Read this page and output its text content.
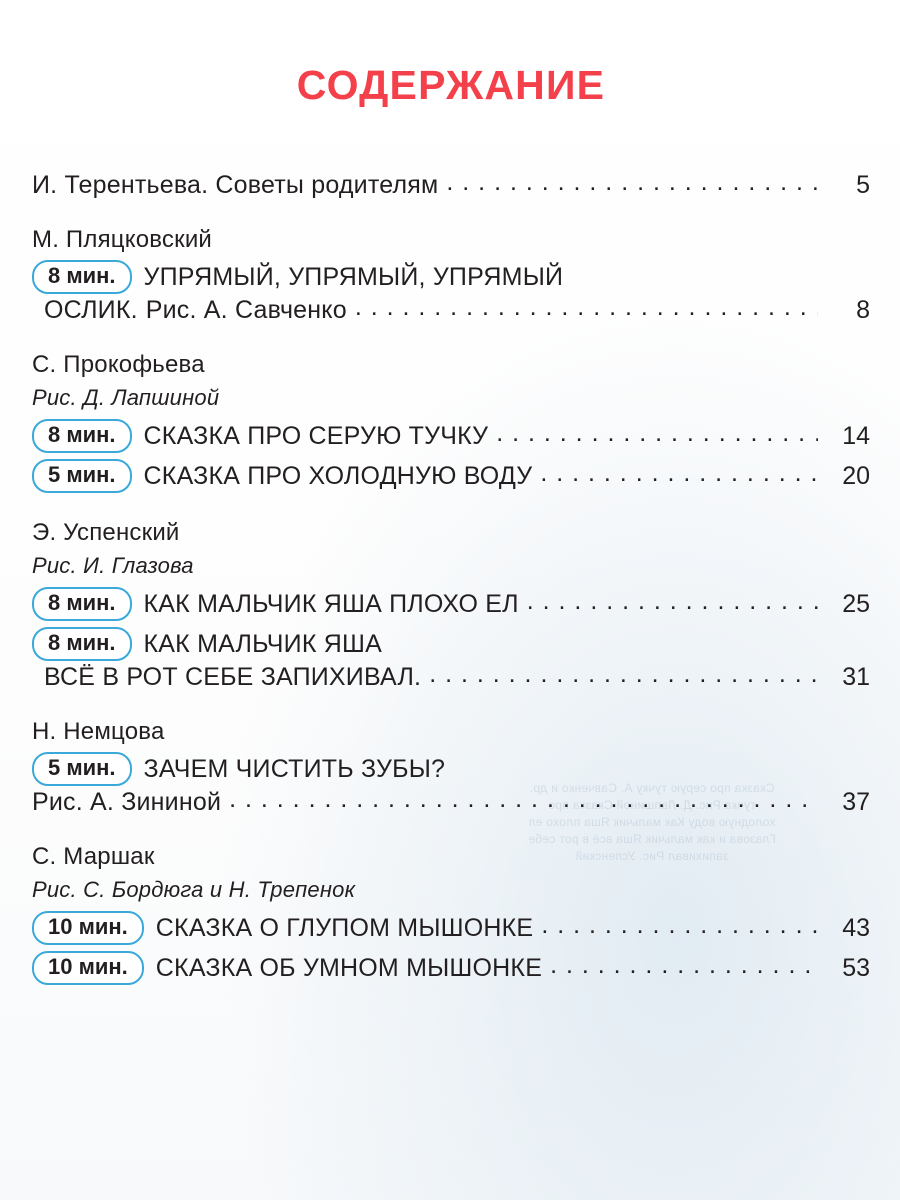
Сказка про серую тучку А. Савченко и др. тучка Рис. Д. Лапшиной Сказка про холодную воду Как мальчик Яша плохо ел Глазова и как мальчик Яша всё в рот себе запихивал Рис. Успенский
СОДЕРЖАНИЕ
И. Терентьева. Советы родителям . . .	5

М. Пляцковский

8 мин.	УПРЯМЫЙ, УПРЯМЫЙ, УПРЯМЫЙ
ОСЛИК. Рис. А. Савченко . . .	8

С. Прокофьева

Рис. Д. Лапшиной

8 мин.	СКАЗКА ПРО СЕРУЮ ТУЧКУ . . .	14
5 мин.	СКАЗКА ПРО ХОЛОДНУЮ ВОДУ . . .	20

Э. Успенский

Рис. И. Глазова

8 мин.	КАК МАЛЬЧИК ЯША ПЛОХО ЕЛ . . .	25
8 мин.	КАК МАЛЬЧИК ЯША
ВСЁ В РОТ СЕБЕ ЗАПИХИВАЛ. . . .	31

Н. Немцова

5 мин.	ЗАЧЕМ ЧИСТИТЬ ЗУБЫ?
Рис. А. Зининой . . .	37

С. Маршак

Рис. С. Бордюга и Н. Трепенок

10 мин.	СКАЗКА О ГЛУПОМ МЫШОНКЕ . . .	43
10 мин.	СКАЗКА ОБ УМНОМ МЫШОНКЕ . . .	53
